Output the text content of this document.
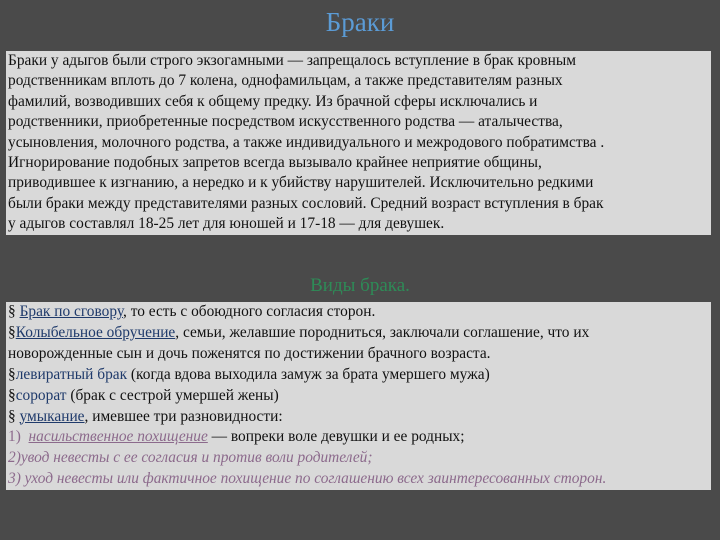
Браки
Браки у адыгов были строго экзогамными — запрещалось вступление в брак кровным
родственникам вплоть до 7 колена, однофамильцам, а также представителям разных
фамилий, возводивших себя к общему предку. Из брачной сферы исключались и
родственники, приобретенные посредством искусственного родства — аталычества,
усыновления, молочного родства, а также индивидуального и межродового побратимства .
Игнорирование подобных запретов всегда вызывало крайнее неприятие общины,
приводившее к изгнанию, а нередко и к убийству нарушителей. Исключительно редкими
были браки между представителями разных сословий. Средний возраст вступления в брак
у адыгов составлял 18-25 лет для юношей и 17-18 — для девушек.
Виды брака.
§ Брак по сговору, то есть с обоюдного согласия сторон.
§Колыбельное обручение, семьи, желавшие породниться, заключали соглашение, что их
новорожденные сын и дочь поженятся по достижении брачного возраста.
§левиратный брак (когда вдова выходила замуж за брата умершего мужа)
§сорорат (брак с сестрой умершей жены)
§ умыкание, имевшее три разновидности:
1) насильственное похищение — вопреки воле девушки и ее родных;
2)увод невесты с ее согласия и против воли родителей;
3) уход невесты или фактичное похищение по соглашению всех заинтересованных сторон.
